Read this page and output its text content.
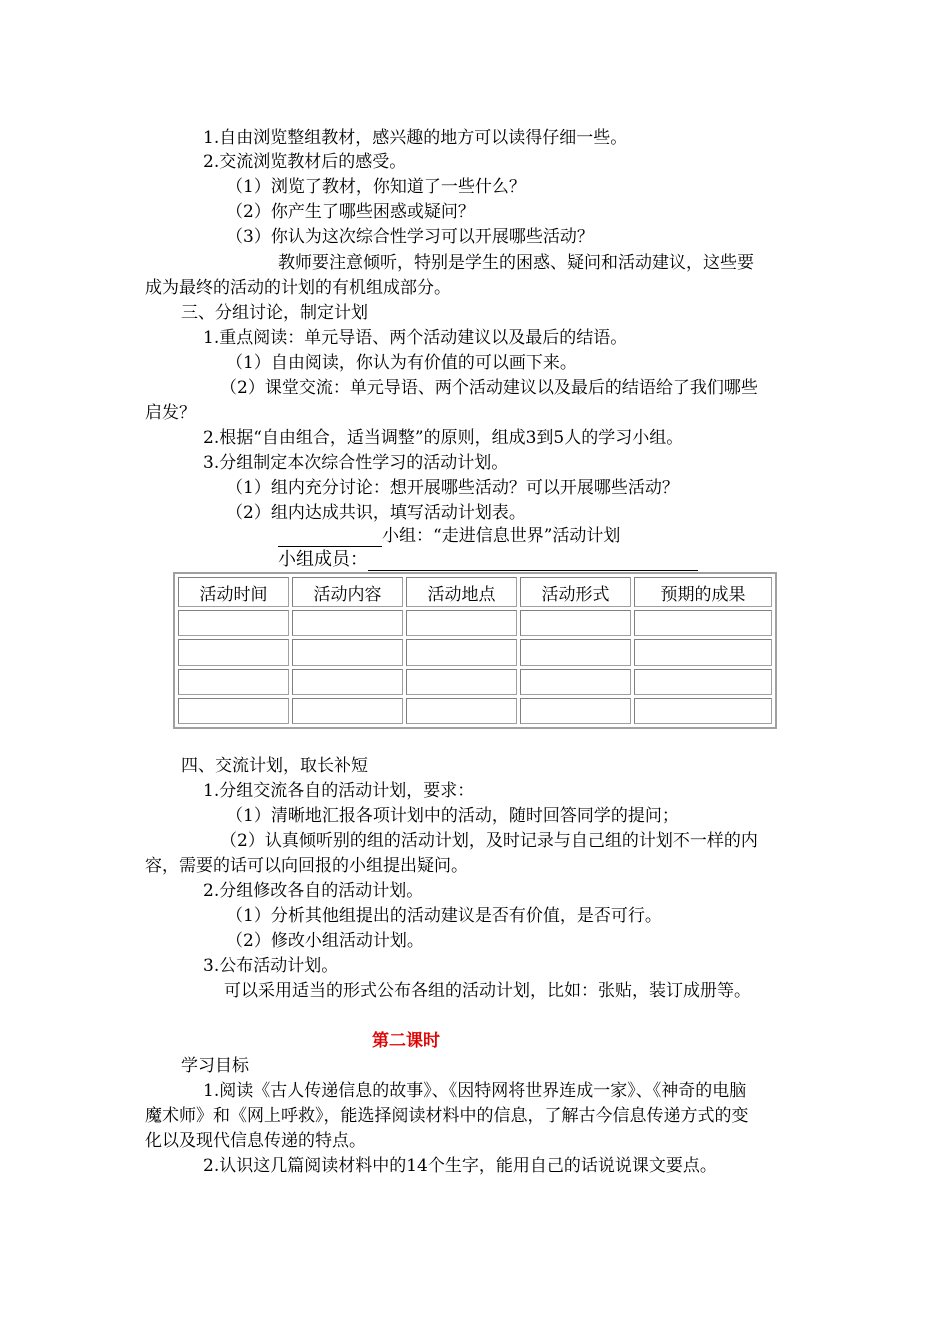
1.自由浏览整组教材，感兴趣的地方可以读得仔细一些。
2.交流浏览教材后的感受。
（1）浏览了教材，你知道了一些什么？
（2）你产生了哪些困惑或疑问？
（3）你认为这次综合性学习可以开展哪些活动？
教师要注意倾听，特别是学生的困惑、疑问和活动建议，这些要
成为最终的活动的计划的有机组成部分。
三、分组讨论，制定计划
1.重点阅读：单元导语、两个活动建议以及最后的结语。
（1）自由阅读，你认为有价值的可以画下来。
（2）课堂交流：单元导语、两个活动建议以及最后的结语给了我们哪些
启发？
2.根据“自由组合，适当调整”的原则，组成3到5人的学习小组。
3.分组制定本次综合性学习的活动计划。
（1）组内充分讨论：想开展哪些活动？可以开展哪些活动？
（2）组内达成共识，填写活动计划表。
小组：“走进信息世界”活动计划
小组成员：
活动时间	活动内容	活动地点	活动形式	预期的成果

四、交流计划，取长补短
1.分组交流各自的活动计划，要求：
（1）清晰地汇报各项计划中的活动，随时回答同学的提问；
（2）认真倾听别的组的活动计划，及时记录与自己组的计划不一样的内
容，需要的话可以向回报的小组提出疑问。
2.分组修改各自的活动计划。
（1）分析其他组提出的活动建议是否有价值，是否可行。
（2）修改小组活动计划。
3.公布活动计划。
可以采用适当的形式公布各组的活动计划，比如：张贴，装订成册等。
第二课时
学习目标
1.阅读《古人传递信息的故事》、《因特网将世界连成一家》、《神奇的电脑
魔术师》和《网上呼救》，能选择阅读材料中的信息，了解古今信息传递方式的变
化以及现代信息传递的特点。
2.认识这几篇阅读材料中的14个生字，能用自己的话说说课文要点。
